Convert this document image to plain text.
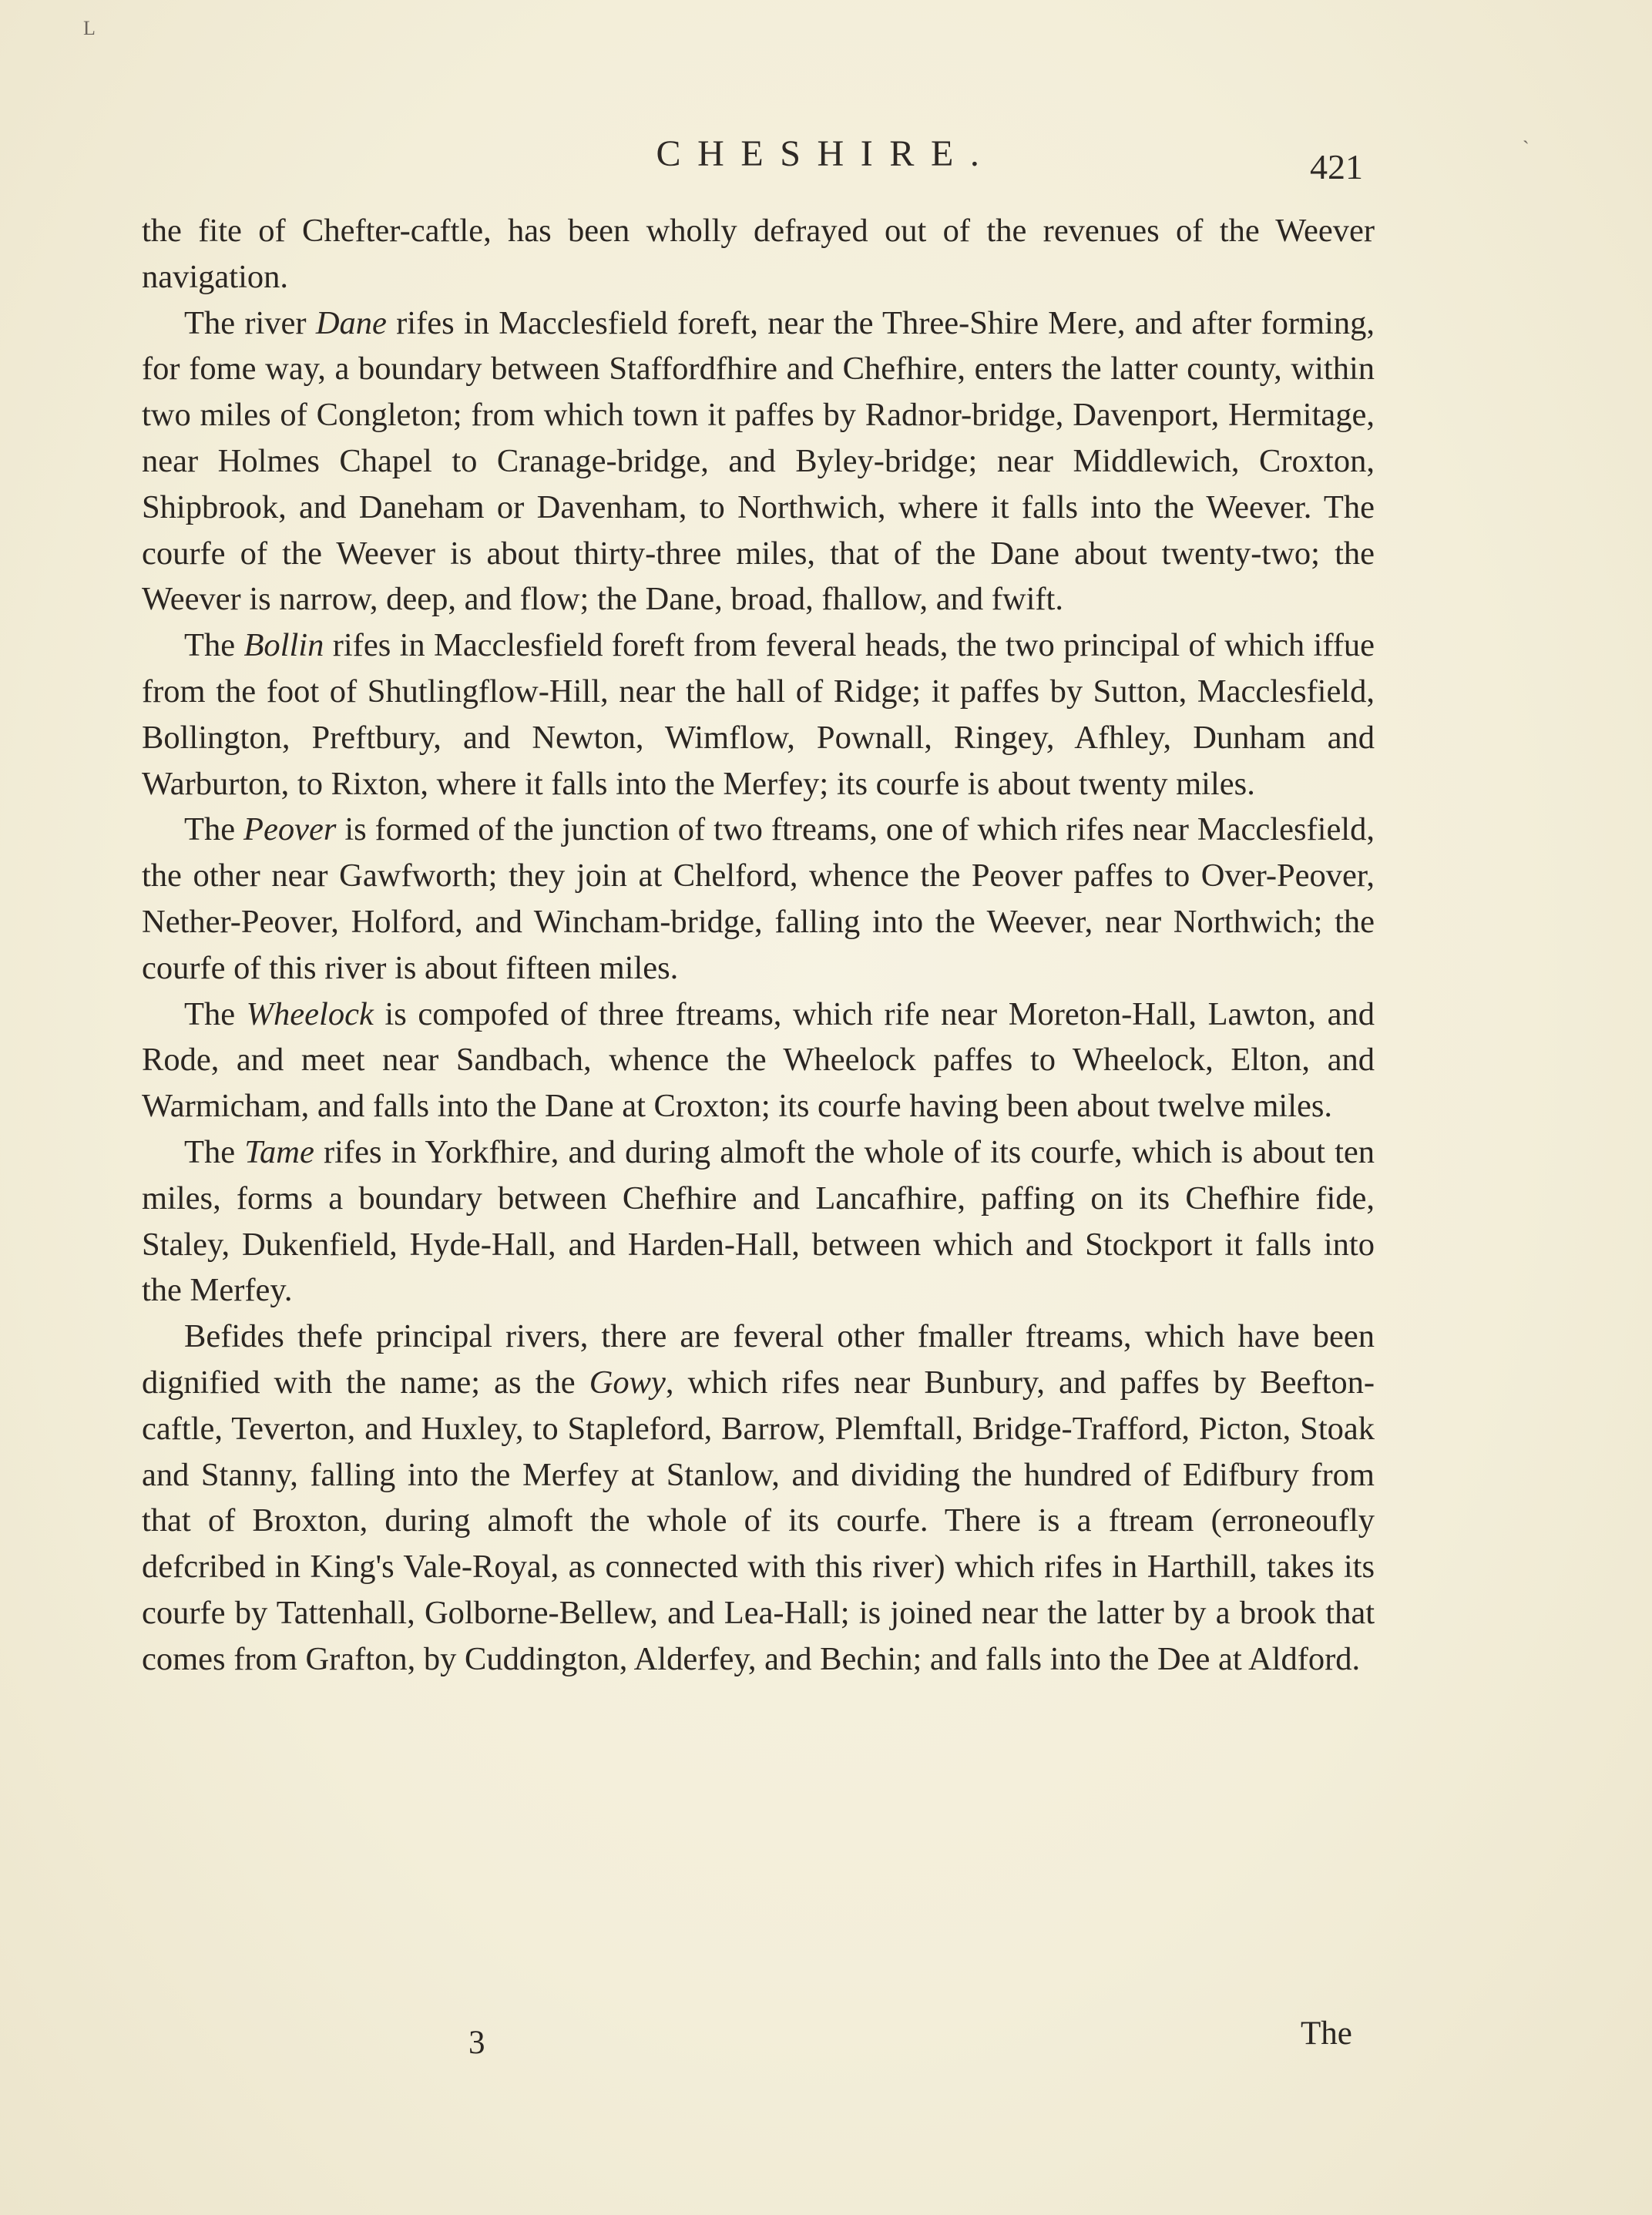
L
`
CHESHIRE.	421

the fite of Chefter-caftle, has been wholly defrayed out of the revenues of the Weever navigation.

The river Dane rifes in Macclesfield foreft, near the Three-Shire Mere, and after forming, for fome way, a boundary between Staffordfhire and Chefhire, enters the latter county, within two miles of Congleton; from which town it paffes by Radnor-bridge, Davenport, Hermitage, near Holmes Chapel to Cranage-bridge, and Byley-bridge; near Middlewich, Croxton, Shipbrook, and Daneham or Davenham, to Northwich, where it falls into the Weever. The courfe of the Weever is about thirty-three miles, that of the Dane about twenty-two; the Weever is narrow, deep, and flow; the Dane, broad, fhallow, and fwift.

The Bollin rifes in Macclesfield foreft from feveral heads, the two principal of which iffue from the foot of Shutlingflow-Hill, near the hall of Ridge; it paffes by Sutton, Macclesfield, Bollington, Preftbury, and Newton, Wimflow, Pownall, Ringey, Afhley, Dunham and Warburton, to Rixton, where it falls into the Merfey; its courfe is about twenty miles.

The Peover is formed of the junction of two ftreams, one of which rifes near Macclesfield, the other near Gawfworth; they join at Chelford, whence the Peover paffes to Over-Peover, Nether-Peover, Holford, and Wincham-bridge, falling into the Weever, near Northwich; the courfe of this river is about fifteen miles.

The Wheelock is compofed of three ftreams, which rife near Moreton-Hall, Lawton, and Rode, and meet near Sandbach, whence the Wheelock paffes to Wheelock, Elton, and Warmicham, and falls into the Dane at Croxton; its courfe having been about twelve miles.

The Tame rifes in Yorkfhire, and during almoft the whole of its courfe, which is about ten miles, forms a boundary between Chefhire and Lancafhire, paffing on its Chefhire fide, Staley, Dukenfield, Hyde-Hall, and Harden-Hall, between which and Stockport it falls into the Merfey.

Befides thefe principal rivers, there are feveral other fmaller ftreams, which have been dignified with the name; as the Gowy, which rifes near Bunbury, and paffes by Beefton-caftle, Teverton, and Huxley, to Stapleford, Barrow, Plemftall, Bridge-Trafford, Picton, Stoak and Stanny, falling into the Merfey at Stanlow, and dividing the hundred of Edifbury from that of Broxton, during almoft the whole of its courfe. There is a ftream (erroneoufly defcribed in King's Vale-Royal, as connected with this river) which rifes in Harthill, takes its courfe by Tattenhall, Golborne-Bellew, and Lea-Hall; is joined near the latter by a brook that comes from Grafton, by Cuddington, Alderfey, and Bechin; and falls into the Dee at Aldford.

3	The
